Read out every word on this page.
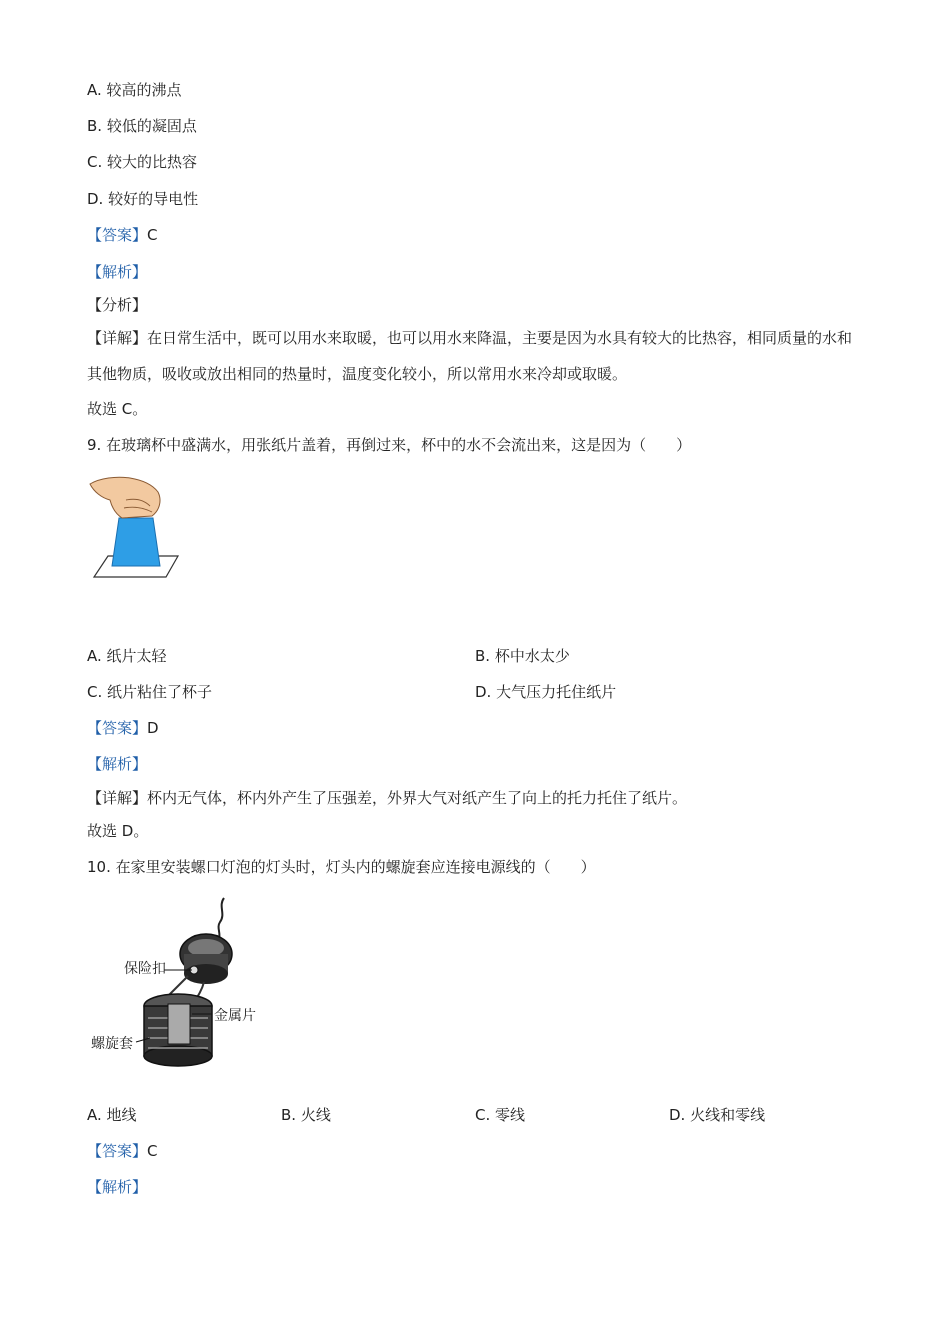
A. 较高的沸点
B. 较低的凝固点
C. 较大的比热容
D. 较好的导电性
【答案】C
【解析】
【分析】
【详解】在日常生活中，既可以用水来取暖，也可以用水来降温，主要是因为水具有较大的比热容，相同质量的水和其他物质，吸收或放出相同的热量时，温度变化较小，所以常用水来冷却或取暖。
故选 C。
9. 在玻璃杯中盛满水，用张纸片盖着，再倒过来，杯中的水不会流出来，这是因为（　　）
A. 纸片太轻	B. 杯中水太少
C. 纸片粘住了杯子	D. 大气压力托住纸片
【答案】D
【解析】
【详解】杯内无气体，杯内外产生了压强差，外界大气对纸产生了向上的托力托住了纸片。
故选 D。
10. 在家里安装螺口灯泡的灯头时，灯头内的螺旋套应连接电源线的（　　）
保险扣
金属片
螺旋套
A. 地线	B. 火线	C. 零线	D. 火线和零线
【答案】C
【解析】
